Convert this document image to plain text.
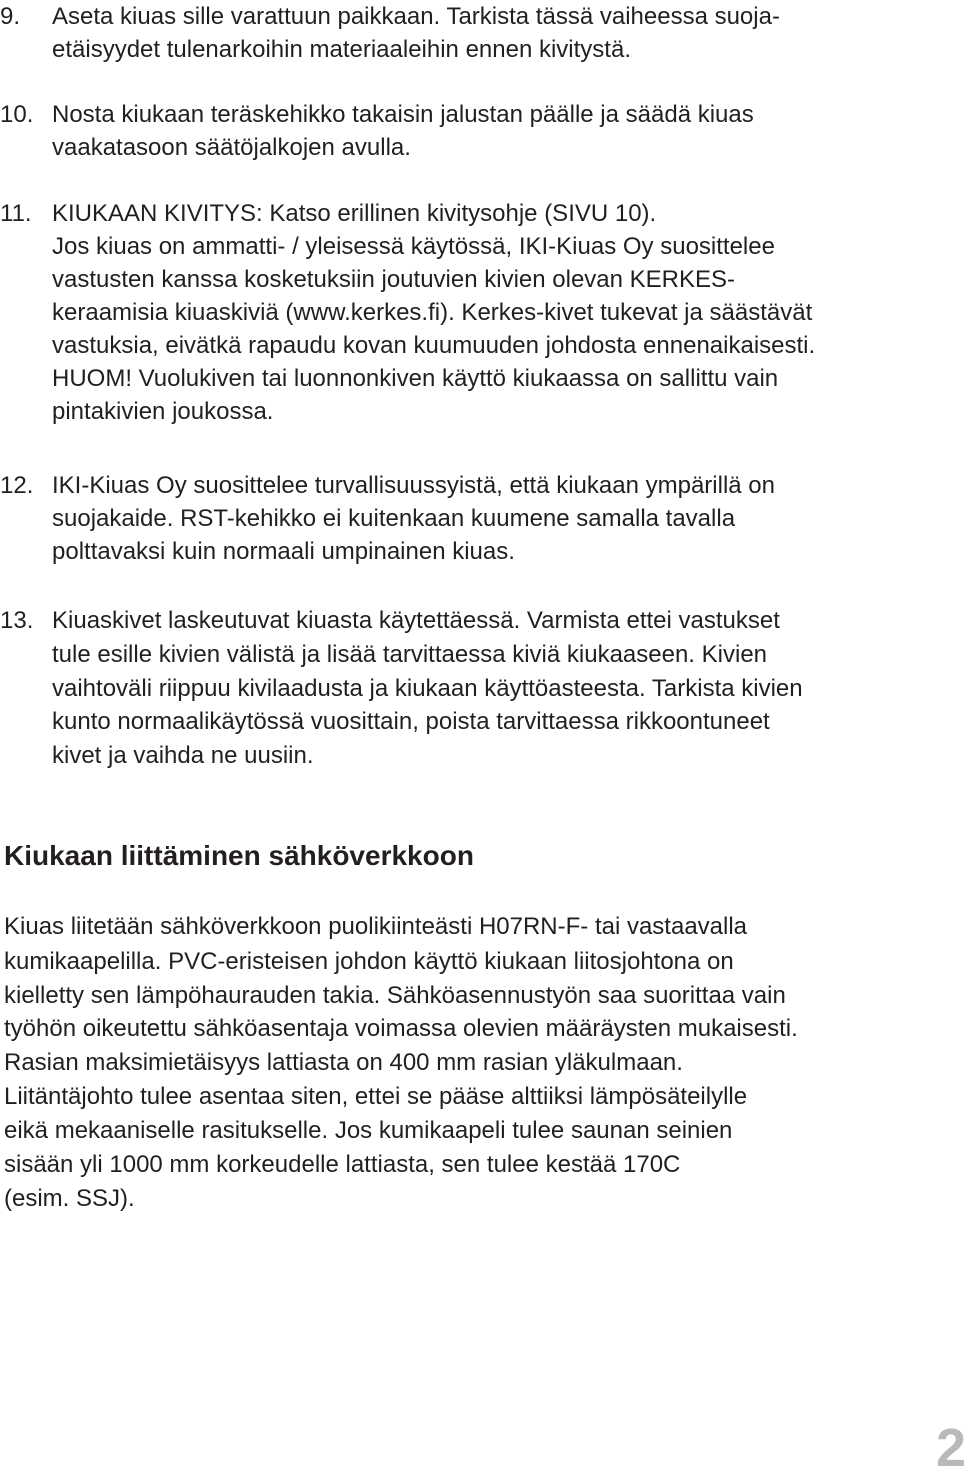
9. Aseta kiuas sille varattuun paikkaan. Tarkista tässä vaiheessa suoja-
etäisyydet tulenarkoihin materiaaleihin ennen kivitystä.
10. Nosta kiukaan teräskehikko takaisin jalustan päälle ja säädä kiuas
vaakatasoon säätöjalkojen avulla.
11. KIUKAAN KIVITYS: Katso erillinen kivitysohje (SIVU 10).
Jos kiuas on ammatti- / yleisessä käytössä, IKI-Kiuas Oy suosittelee
vastusten kanssa kosketuksiin joutuvien kivien olevan KERKES-
keraamisia kiuaskiviä (www.kerkes.fi). Kerkes-kivet tukevat ja säästävät
vastuksia, eivätkä rapaudu kovan kuumuuden johdosta ennenaikaisesti.
HUOM! Vuolukiven tai luonnonkiven käyttö kiukaassa on sallittu vain
pintakivien joukossa.
12. IKI-Kiuas Oy suosittelee turvallisuussyistä, että kiukaan ympärillä on
suojakaide. RST-kehikko ei kuitenkaan kuumene samalla tavalla
polttavaksi kuin normaali umpinainen kiuas.
13. Kiuaskivet laskeutuvat kiuasta käytettäessä. Varmista ettei vastukset
tule esille kivien välistä ja lisää tarvittaessa kiviä kiukaaseen. Kivien
vaihtoväli riippuu kivilaadusta ja kiukaan käyttöasteesta. Tarkista kivien
kunto normaalikäytössä vuosittain, poista tarvittaessa rikkoontuneet
kivet ja vaihda ne uusiin.
Kiukaan liittäminen sähköverkkoon
Kiuas liitetään sähköverkkoon puolikiinteästi H07RN-F- tai vastaavalla
kumikaapelilla. PVC-eristeisen johdon käyttö kiukaan liitosjohtona on
kielletty sen lämpöhaurauden takia. Sähköasennustyön saa suorittaa vain
työhön oikeutettu sähköasentaja voimassa olevien määräysten mukaisesti.
Rasian maksimietäisyys lattiasta on 400 mm rasian yläkulmaan.
Liitäntäjohto tulee asentaa siten, ettei se pääse alttiiksi lämpösäteilylle
eikä mekaaniselle rasitukselle. Jos kumikaapeli tulee saunan seinien
sisään yli 1000 mm korkeudelle lattiasta, sen tulee kestää 170C
(esim. SSJ).
2
